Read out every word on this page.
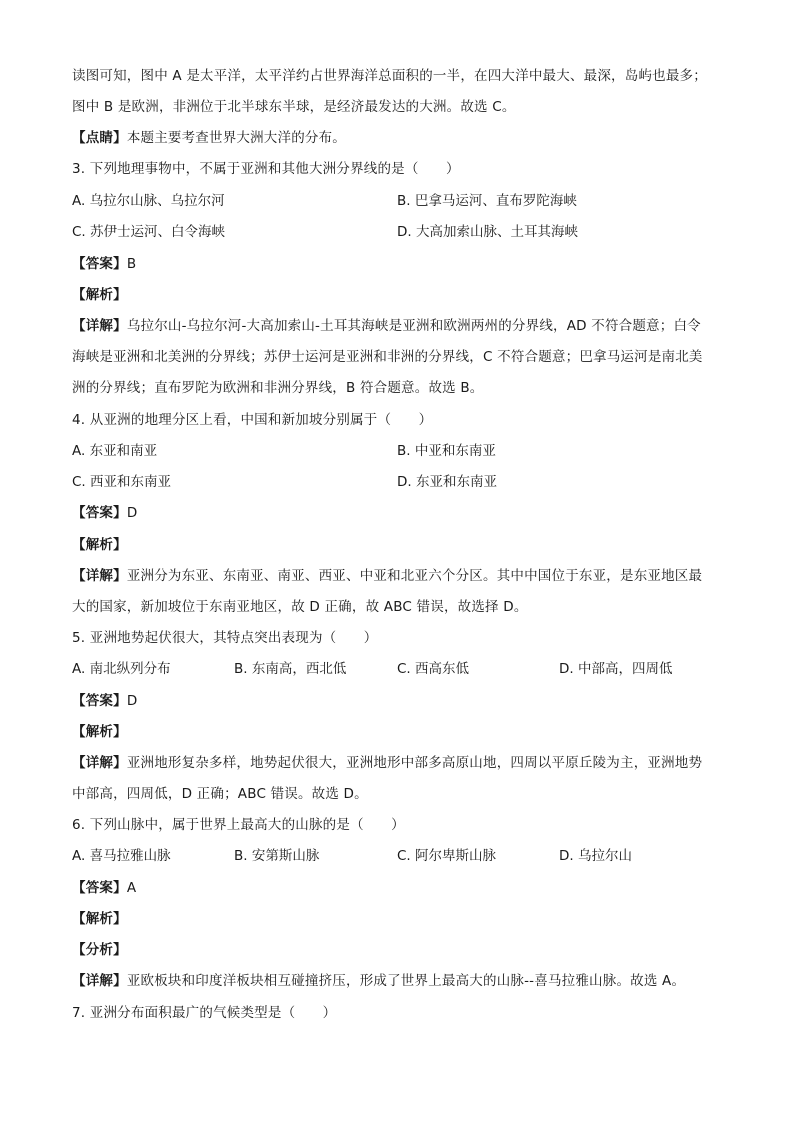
读图可知，图中 A 是太平洋，太平洋约占世界海洋总面积的一半，在四大洋中最大、最深，岛屿也最多；
图中 B 是欧洲，非洲位于北半球东半球，是经济最发达的大洲。故选 C。
【点睛】本题主要考查世界大洲大洋的分布。
3. 下列地理事物中，不属于亚洲和其他大洲分界线的是（　　）
A. 乌拉尔山脉、乌拉尔河	B. 巴拿马运河、直布罗陀海峡
C. 苏伊士运河、白令海峡	D. 大高加索山脉、土耳其海峡
【答案】B
【解析】
【详解】乌拉尔山-乌拉尔河-大高加索山-土耳其海峡是亚洲和欧洲两州的分界线，AD 不符合题意；白令
海峡是亚洲和北美洲的分界线；苏伊士运河是亚洲和非洲的分界线，C 不符合题意；巴拿马运河是南北美
洲的分界线；直布罗陀为欧洲和非洲分界线，B 符合题意。故选 B。
4. 从亚洲的地理分区上看，中国和新加坡分别属于（　　）
A. 东亚和南亚	B. 中亚和东南亚
C. 西亚和东南亚	D. 东亚和东南亚
【答案】D
【解析】
【详解】亚洲分为东亚、东南亚、南亚、西亚、中亚和北亚六个分区。其中中国位于东亚，是东亚地区最
大的国家，新加坡位于东南亚地区，故 D 正确，故 ABC 错误，故选择 D。
5. 亚洲地势起伏很大，其特点突出表现为（　　）
A. 南北纵列分布	B. 东南高，西北低	C. 西高东低	D. 中部高，四周低
【答案】D
【解析】
【详解】亚洲地形复杂多样，地势起伏很大，亚洲地形中部多高原山地，四周以平原丘陵为主，亚洲地势
中部高，四周低，D 正确；ABC 错误。故选 D。
6. 下列山脉中，属于世界上最高大的山脉的是（　　）
A. 喜马拉雅山脉	B. 安第斯山脉	C. 阿尔卑斯山脉	D. 乌拉尔山
【答案】A
【解析】
【分析】
【详解】亚欧板块和印度洋板块相互碰撞挤压，形成了世界上最高大的山脉--喜马拉雅山脉。故选 A。
7. 亚洲分布面积最广的气候类型是（　　）
